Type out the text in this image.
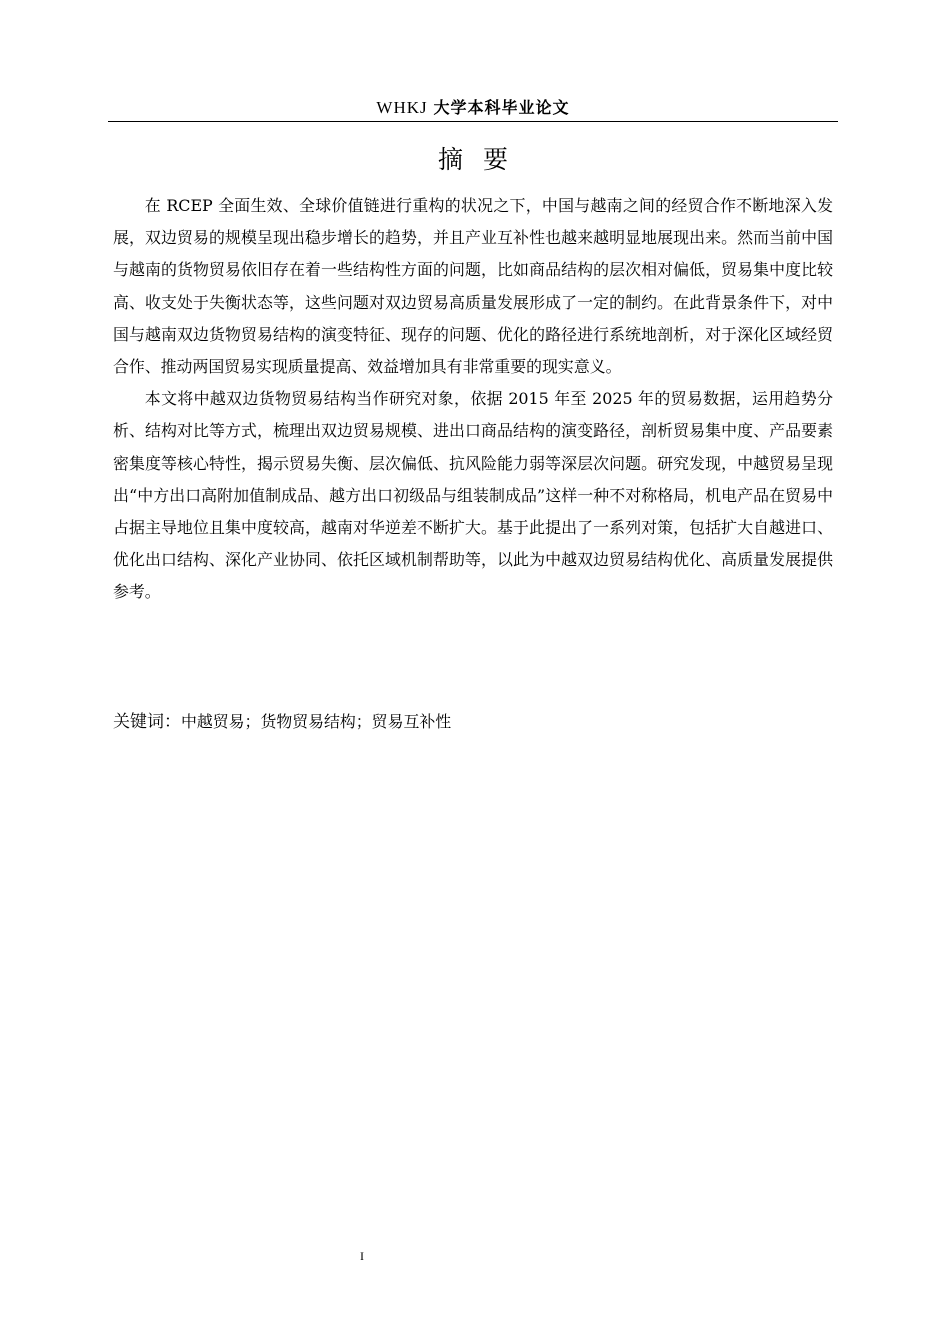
WHKJ 大学本科毕业论文
摘要

在 RCEP 全面生效、全球价值链进行重构的状况之下，中国与越南之间的经贸合作不断地深入发展，双边贸易的规模呈现出稳步增长的趋势，并且产业互补性也越来越明显地展现出来。然而当前中国与越南的货物贸易依旧存在着一些结构性方面的问题，比如商品结构的层次相对偏低，贸易集中度比较高、收支处于失衡状态等，这些问题对双边贸易高质量发展形成了一定的制约。在此背景条件下，对中国与越南双边货物贸易结构的演变特征、现存的问题、优化的路径进行系统地剖析，对于深化区域经贸合作、推动两国贸易实现质量提高、效益增加具有非常重要的现实意义。

本文将中越双边货物贸易结构当作研究对象，依据 2015 年至 2025 年的贸易数据，运用趋势分析、结构对比等方式，梳理出双边贸易规模、进出口商品结构的演变路径，剖析贸易集中度、产品要素密集度等核心特性，揭示贸易失衡、层次偏低、抗风险能力弱等深层次问题。研究发现，中越贸易呈现出“中方出口高附加值制成品、越方出口初级品与组装制成品”这样一种不对称格局，机电产品在贸易中占据主导地位且集中度较高，越南对华逆差不断扩大。基于此提出了一系列对策，包括扩大自越进口、优化出口结构、深化产业协同、依托区域机制帮助等，以此为中越双边贸易结构优化、高质量发展提供参考。

关键词：中越贸易；货物贸易结构；贸易互补性
I
